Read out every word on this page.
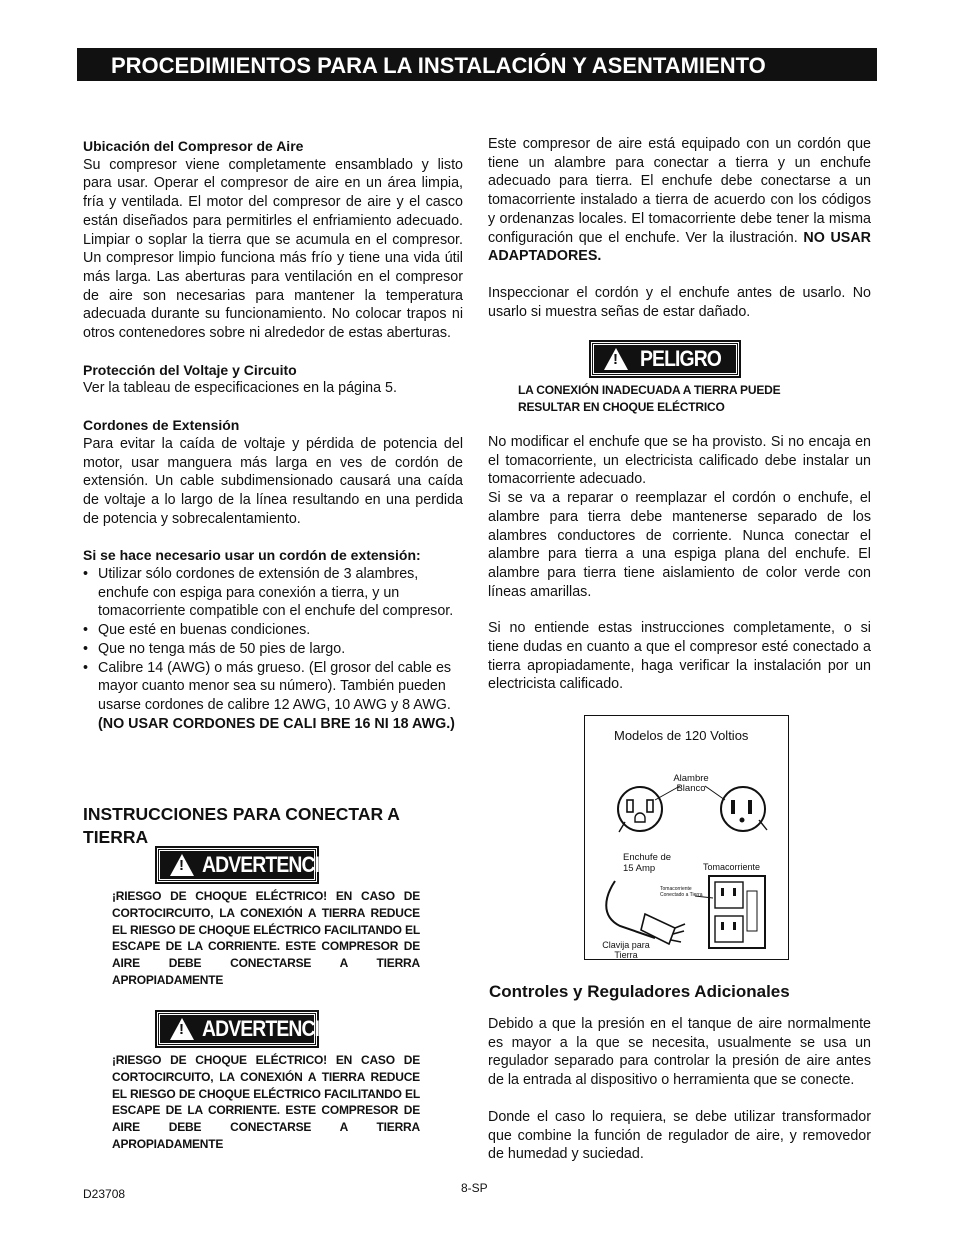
PROCEDIMIENTOS PARA LA INSTALACIÓN Y ASENTAMIENTO

Ubicación del Compresor de Aire

Su compresor viene completamente ensamblado y listo para usar. Operar el compresor de aire en un área limpia, fría y ventilada. El motor del compresor de aire y el casco están diseñados para permitirles el enfriamiento adecuado. Limpiar o soplar la tierra que se acumula en el compresor. Un compresor limpio funciona más frío y tiene una vida útil más larga. Las aberturas para ventilación en el compresor de aire son necesarias para mantener la temperatura adecuada durante su funcionamiento. No colocar trapos ni otros contenedores sobre ni alrededor de estas aberturas.

Protección del Voltaje y Circuito

Ver la tableau de especificaciones en la página 5.

Cordones de Extensión

Para evitar la caída de voltaje y pérdida de potencia del motor, usar manguera más larga en ves de cordón de extensión. Un cable subdimensionado causará una caída de voltaje a lo largo de la línea resultando en una perdida de potencia y sobrecalentamiento.

Si se hace necesario usar un cordón de extensión:

• Utilizar sólo cordones de extensión de 3 alambres, enchufe con espiga para conexión a tierra, y un tomacorriente compatible con el enchufe del compresor.
• Que esté en buenas condiciones.
• Que no tenga más de 50 pies de largo.
• Calibre 14 (AWG) o más grueso. (El grosor del cable es mayor cuanto menor sea su número). También pueden usarse cordones de calibre 12 AWG, 10 AWG y 8 AWG. (NO USAR CORDONES DE CALI BRE 16 NI 18 AWG.)
INSTRUCCIONES PARA CONECTAR A TIERRA
!
ADVERTENCIA
¡RIESGO DE CHOQUE ELÉCTRICO! EN CASO DE CORTOCIRCUITO, LA CONEXIÓN A TIERRA REDUCE EL RIESGO DE CHOQUE ELÉCTRICO FACILITANDO EL ESCAPE DE LA CORRIENTE. ESTE COMPRESOR DE AIRE DEBE CONECTARSE A TIERRA APROPIADAMENTE
!
ADVERTENCIA
¡RIESGO DE CHOQUE ELÉCTRICO! EN CASO DE CORTOCIRCUITO, LA CONEXIÓN A TIERRA REDUCE EL RIESGO DE CHOQUE ELÉCTRICO FACILITANDO EL ESCAPE DE LA CORRIENTE. ESTE COMPRESOR DE AIRE DEBE CONECTARSE A TIERRA APROPIADAMENTE

Este compresor de aire está equipado con un cordón que tiene un alambre para conectar a tierra y un enchufe adecuado para tierra. El enchufe debe conectarse a un tomacorriente instalado a tierra de acuerdo con los códigos y ordenanzas locales. El tomacorriente debe tener la misma configuración que el enchufe. Ver la ilustración. NO USAR ADAPTADORES.

Inspeccionar el cordón y el enchufe antes de usarlo. No usarlo si muestra señas de estar dañado.

!
PELIGRO
LA CONEXIÓN INADECUADA A TIERRA PUEDE RESULTAR EN CHOQUE ELÉCTRICO

No modificar el enchufe que se ha provisto. Si no encaja en el tomacorriente, un electricista calificado debe instalar un tomacorriente adecuado.

Si se va a reparar o reemplazar el cordón o enchufe, el alambre para tierra debe mantenerse separado de los alambres conductores de corriente. Nunca conectar el alambre para tierra a una espiga plana del enchufe. El alambre para tierra tiene aislamiento de color verde con líneas amarillas.

Si no entiende estas instrucciones completamente, o si tiene dudas en cuanto a que el compresor esté conectado a tierra apropiadamente, haga verificar la instalación por un electricista calificado.

Modelos de 120 Voltios
Alambre Blanco
Enchufe de 15 Amp	Tomacorriente
Tomacorriente Conectado a Tierra
Clavija para Tierra
Controles y Reguladores Adicionales

Debido a que la presión en el tanque de aire normalmente es mayor a la que se necesita, usualmente se usa un regulador separado para controlar la presión de aire antes de la entrada al dispositivo o herramienta que se conecte.

Donde el caso lo requiera, se debe utilizar transformador que combine la función de regulador de aire, y removedor de humedad y suciedad.

D23708	8-SP
